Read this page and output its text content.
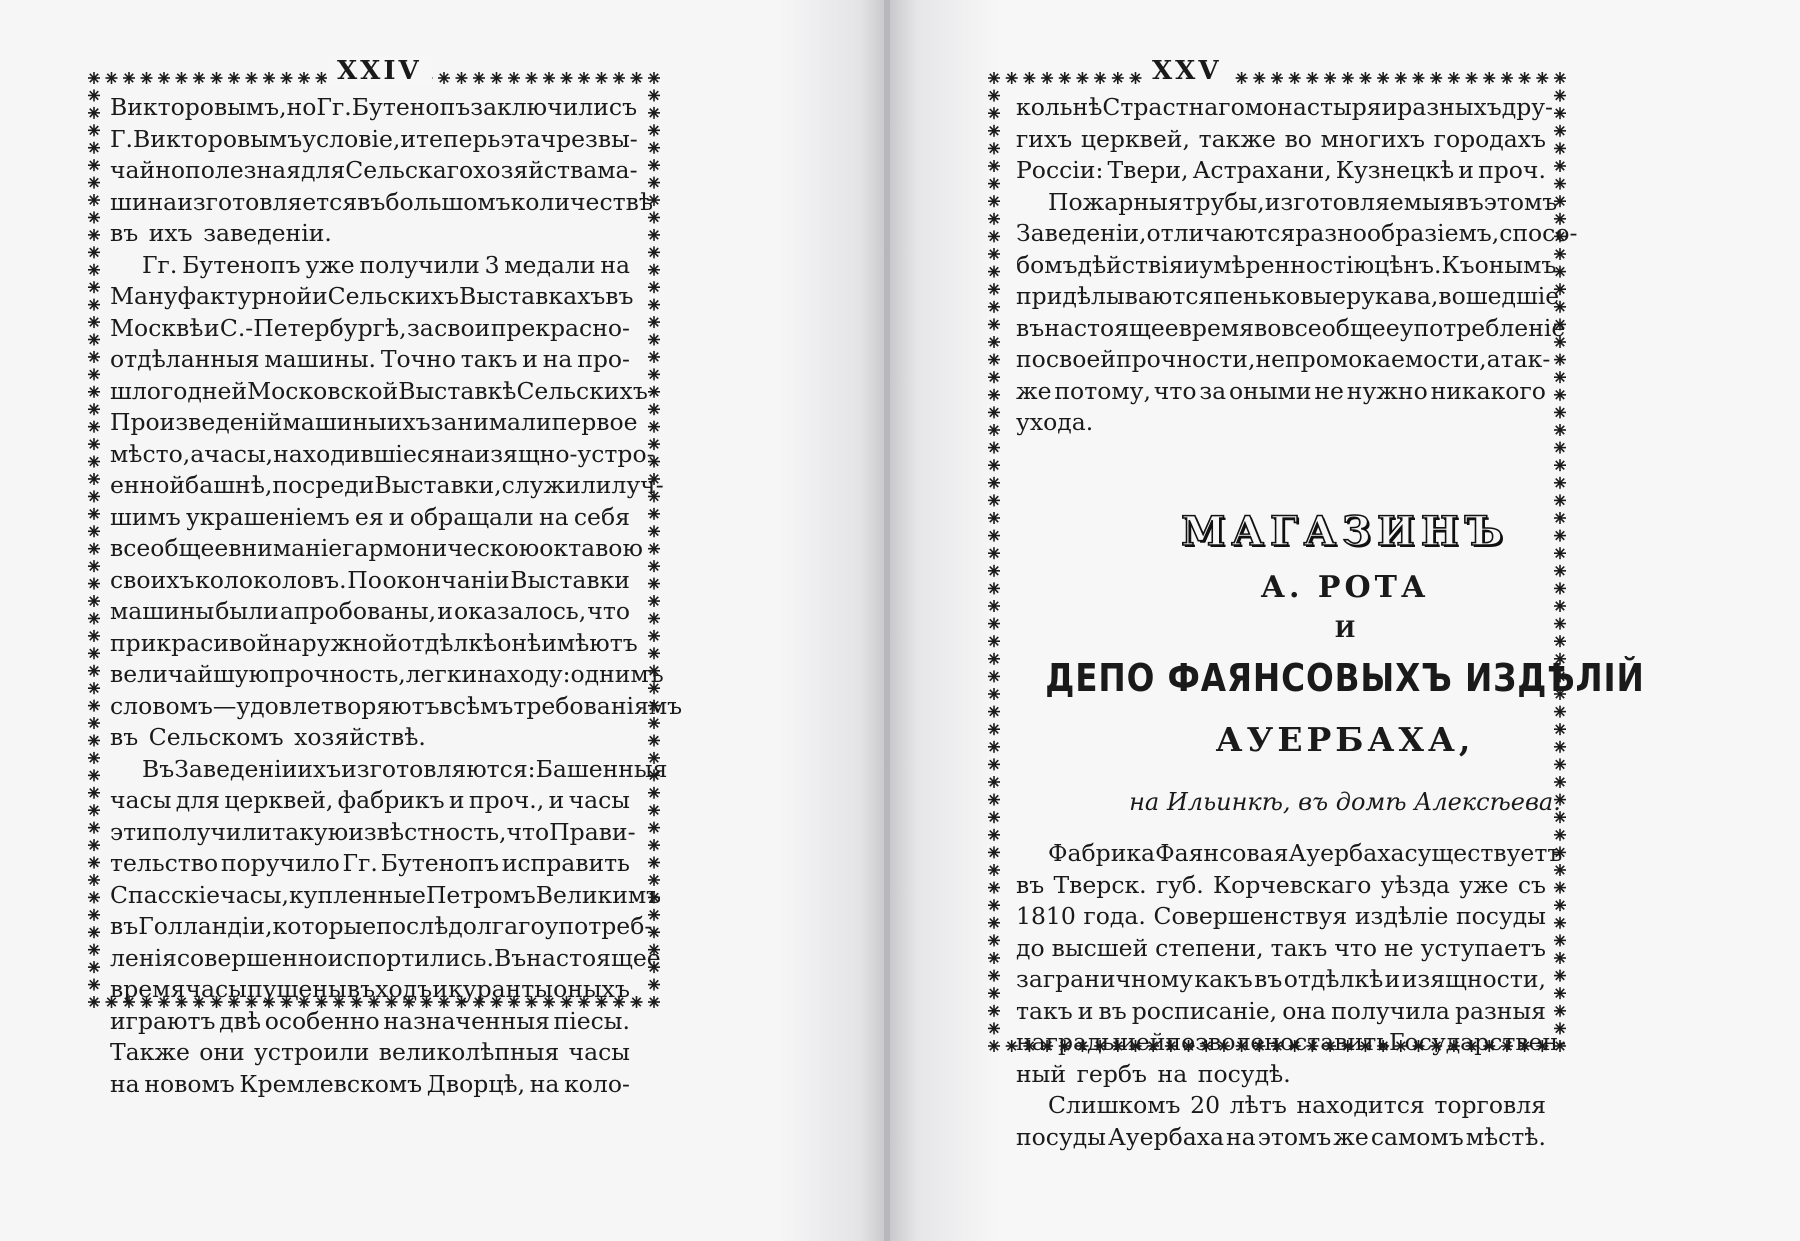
XXIV
Викторовымъ, но Гг. Бутенопъ заключили съ
Г. Викторовымъ условіе, и теперь эта чрезвы-
чайно полезная для Сельскаго хозяйства ма-
шина изготовляется въ большомъ количествѣ
въ ихъ заведеніи.
Гг. Бутенопъ уже получили 3 медали на
Мануфактурной и Сельскихъ Выставкахъ въ
Москвѣ и С.-Петербургѣ, за свои прекрасно-
отдѣланныя машины. Точно такъ и на про-
шлогодней Московской Выставкѣ Сельскихъ
Произведеній машины ихъ занимали первое
мѣсто, а часы, находившіеся на изящно-устро-
енной башнѣ, посреди Выставки, служили луч-
шимъ украшеніемъ ея и обращали на себя
всеобщее вниманіе гармоническою октавою
своихъ колоколовъ. По окончаніи Выставки
машины были апробованы, и оказалось, что
при красивой наружной отдѣлкѣ онѣ имѣютъ
величайшую прочность, легки на ходу: однимъ
словомъ—удовлетворяютъ всѣмъ требованіямъ
въ Сельскомъ хозяйствѣ.
Въ Заведеніи ихъ изготовляются: Башенныя
часы для церквей, фабрикъ и проч., и часы
эти получили такую извѣстность, что Прави-
тельство поручило Гг. Бутенопъ исправить
Спасскіе часы, купленные Петромъ Великимъ
въ Голландіи, которые послѣ долгаго употреб-
ленія совершенно испортились. Въ настоящее
время часы пущены въ ходъ и куранты оныхъ
играютъ двѣ особенно назначенныя піесы.
Также они устроили великолѣпныя часы
на новомъ Кремлевскомъ Дворцѣ, на коло-
XXV
кольнѣ Страстнаго монастыря и разныхъ дру-
гихъ церквей, также во многихъ городахъ
Россіи: Твери, Астрахани, Кузнецкѣ и проч.
Пожарныя трубы, изготовляемыя въ этомъ
Заведеніи, отличаются разнообразіемъ, спосо-
бомъ дѣйствія и умѣренностію цѣнъ. Къ онымъ
придѣлываются пеньковые рукава, вошедшіе
въ настоящее время во всеобщее употребленіе
по своей прочности, непромокаемости, а так-
же потому, что за оными не нужно никакого
ухода.
МАГАЗИНЪ
А. РОТА
И
ДЕПО ФАЯНСОВЫХЪ ИЗДѢЛІЙ
АУЕРБАХА,
на Ильинкѣ, въ домѣ Алексѣева.
Фабрика Фаянсовая Ауербаха существуетъ
въ Тверск. губ. Корчевскаго уѣзда уже съ
1810 года. Совершенствуя издѣліе посуды
до высшей степени, такъ что не уступаетъ
заграничному какъ въ отдѣлкѣ и изящности,
такъ и въ росписаніе, она получила разныя
награды и ей позволено ставить Государствен-
ный гербъ на посудѣ.
Слишкомъ 20 лѣтъ находится торговля
посуды Ауербаха на этомъ же самомъ мѣстѣ.
